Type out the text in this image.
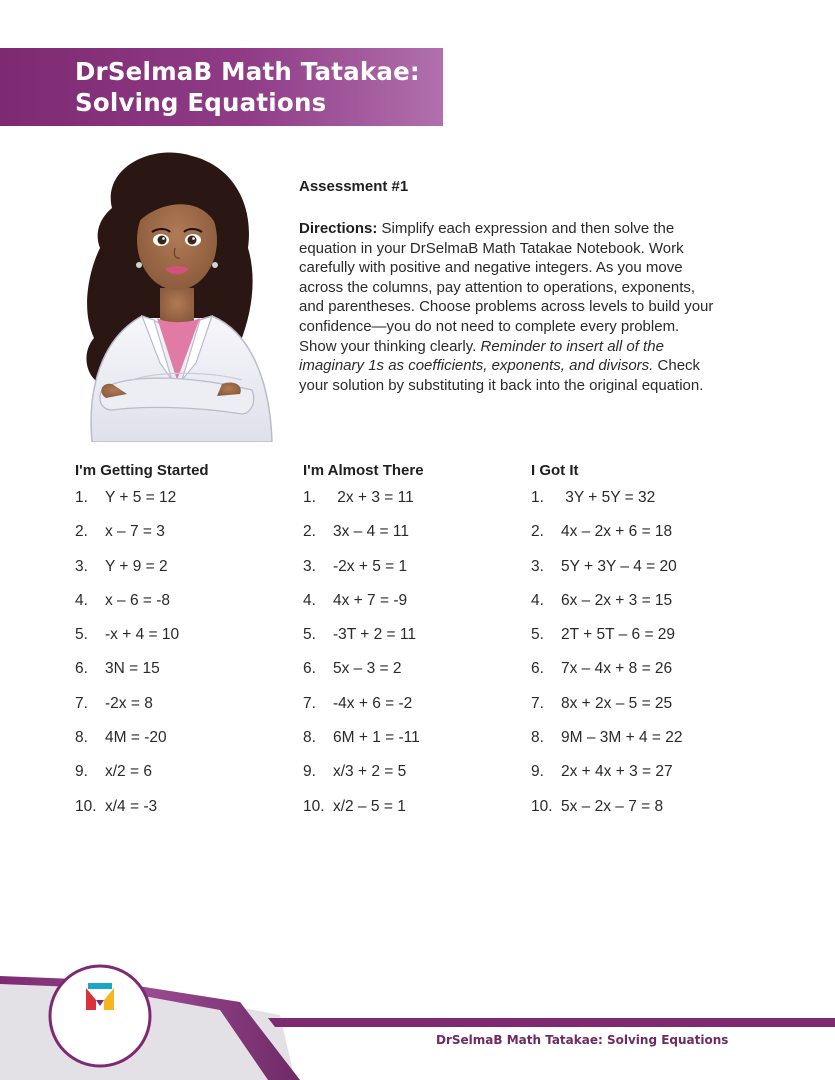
DrSelmaB Math Tatakae:
Solving Equations
Assessment #1
Directions: Simplify each expression and then solve the equation in your DrSelmaB Math Tatakae Notebook. Work carefully with positive and negative integers. As you move across the columns, pay attention to operations, exponents, and parentheses. Choose problems across levels to build your confidence—you do not need to complete every problem. Show your thinking clearly. Reminder to insert all of the imaginary 1s as coefficients, exponents, and divisors. Check your solution by substituting it back into the original equation.
I'm Getting Started
1.	Y + 5 = 12
2.	x – 7 = 3
3.	Y + 9 = 2
4.	x – 6 = -8
5.	-x + 4 = 10
6.	3N = 15
7.	-2x = 8
8.	4M = -20
9.	x/2 = 6
10. x/4 = -3
I'm Almost There
1.	2x + 3 = 11
2.	3x – 4 = 11
3.	-2x + 5 = 1
4.	4x + 7 = -9
5.	-3T + 2 = 11
6.	5x – 3 = 2
7.	-4x + 6 = -2
8.	6M + 1 = -11
9.	x/3 + 2 = 5
10. x/2 – 5 = 1
I Got It
1.	3Y + 5Y = 32
2.	4x – 2x + 6 = 18
3.	5Y + 3Y – 4 = 20
4.	6x – 2x + 3 = 15
5.	2T + 5T – 6 = 29
6.	7x – 4x + 8 = 26
7.	8x + 2x – 5 = 25
8.	9M – 3M + 4 = 22
9.	2x + 4x + 3 = 27
10. 5x – 2x – 7 = 8
DrSelmaB Math Tatakae: Solving Equations
